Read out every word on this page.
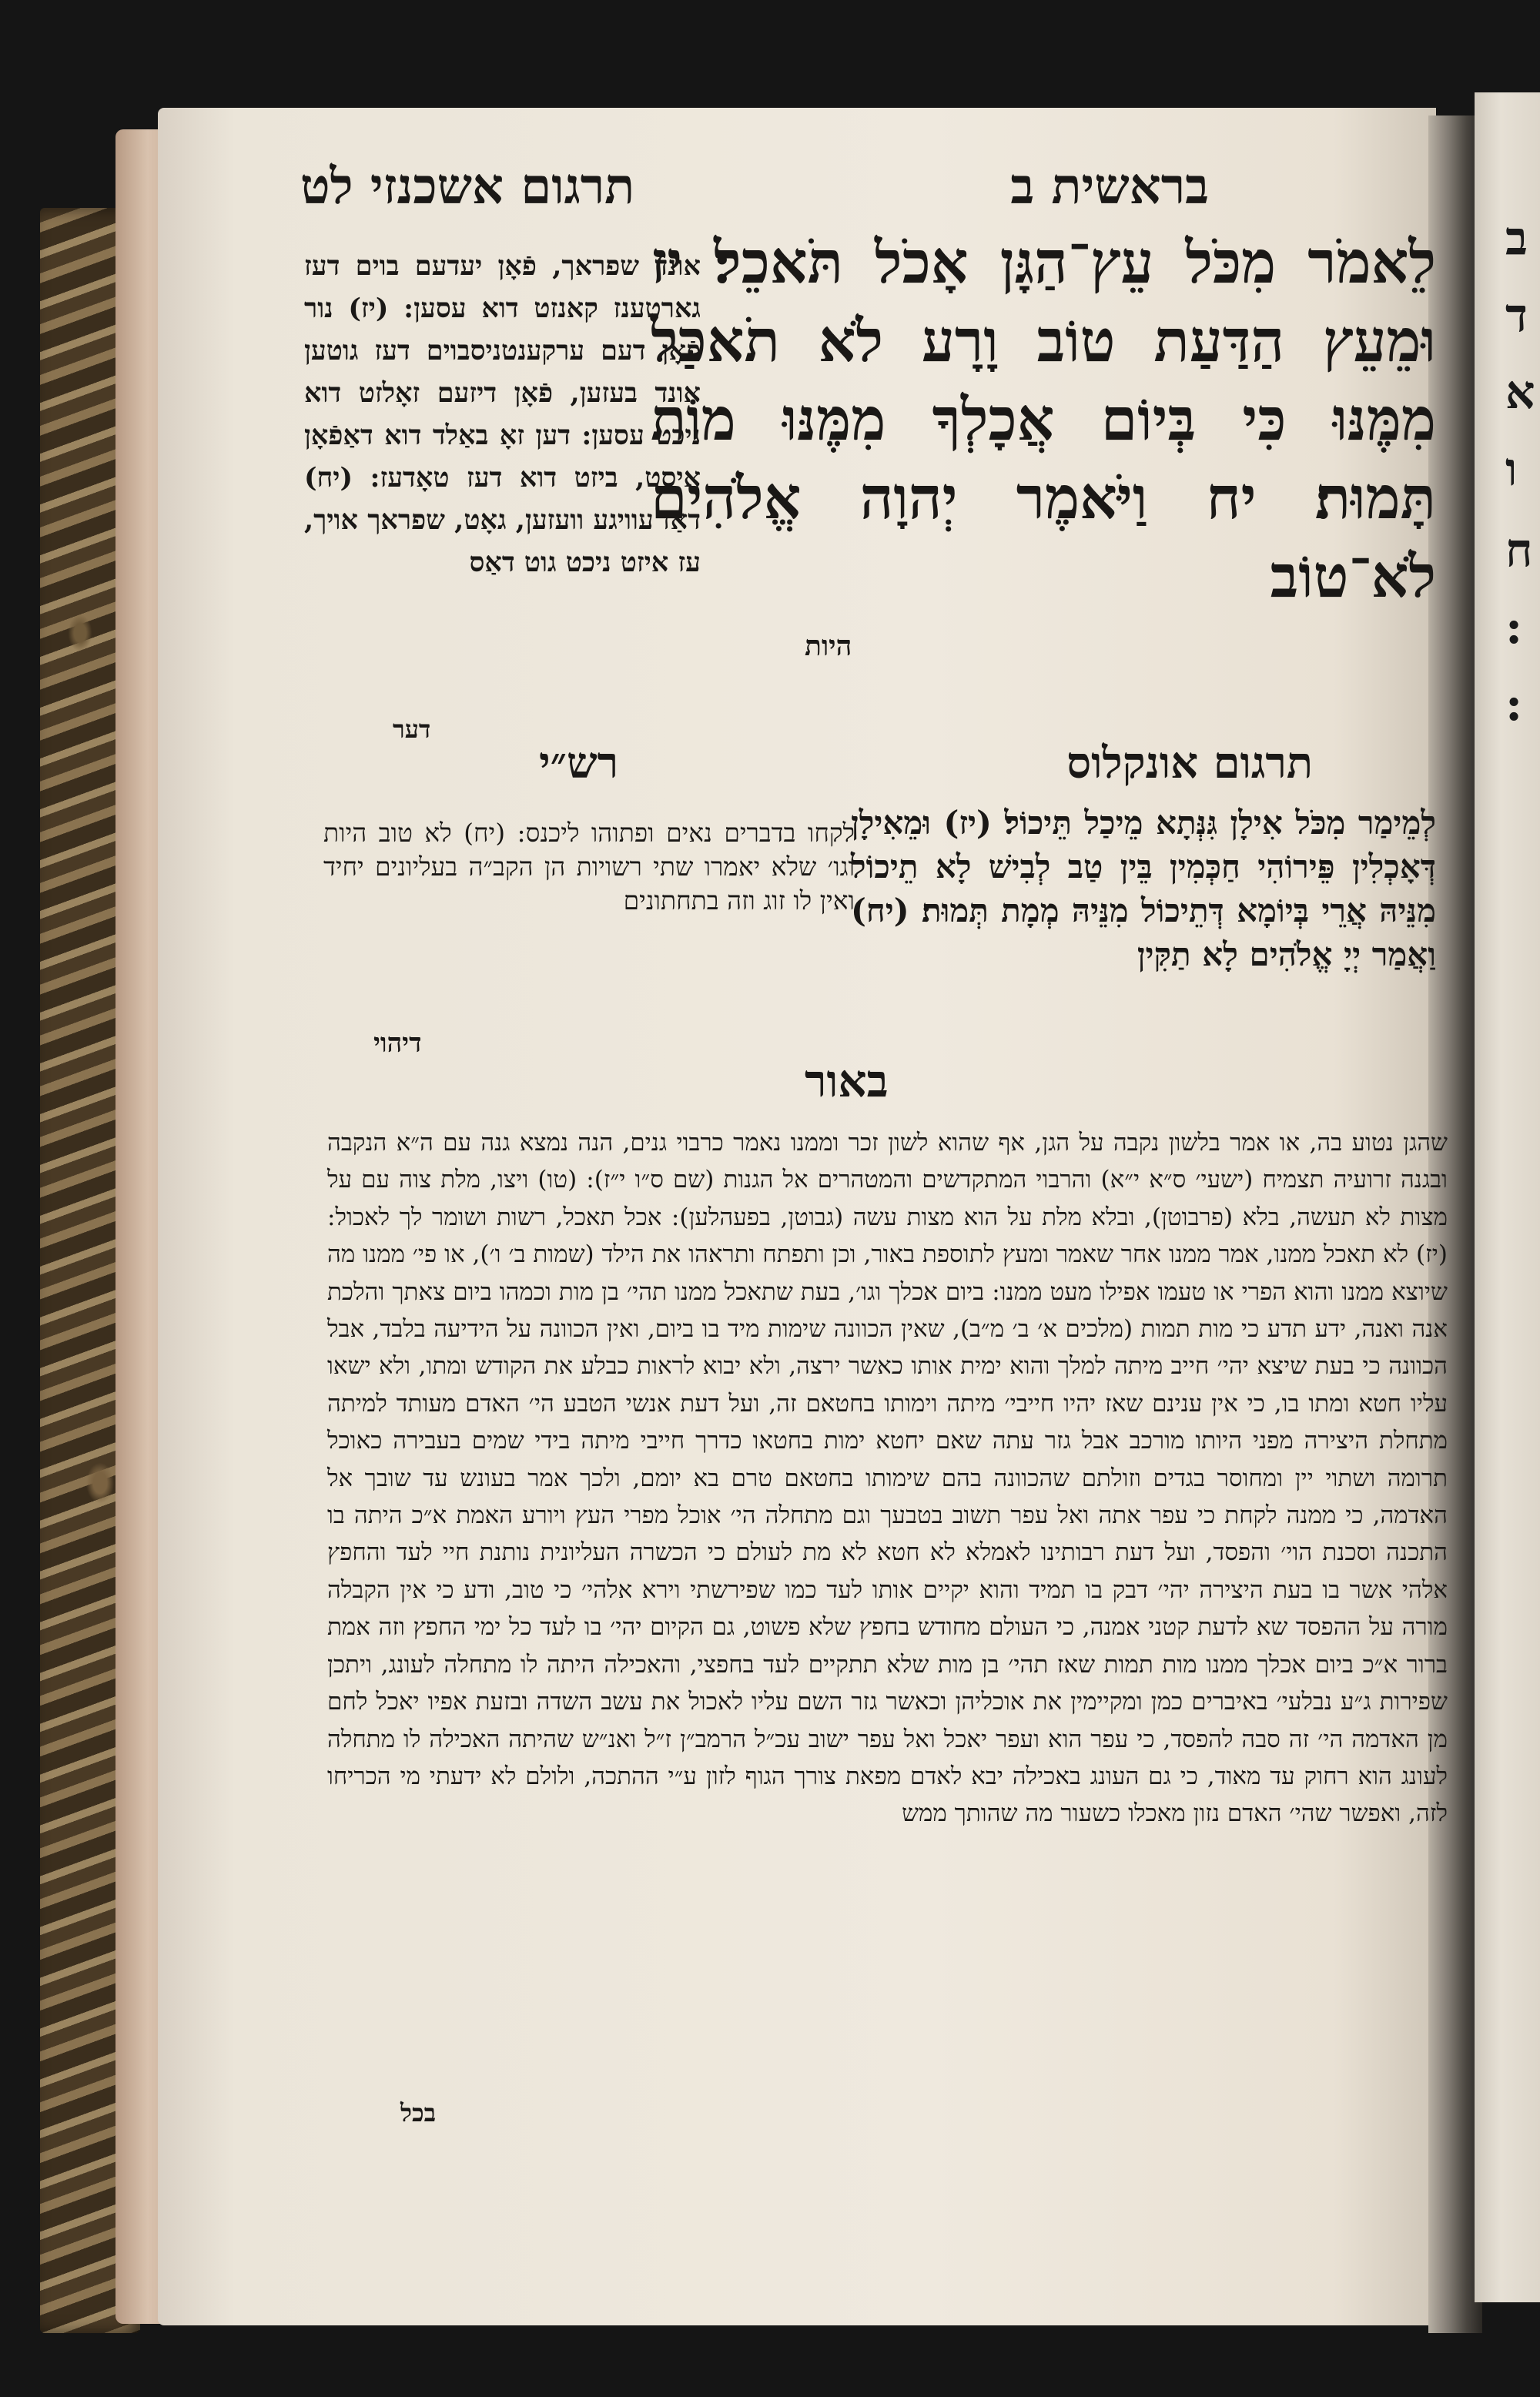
ב
ד
א
ו
ח
:
:
בראשית ב
תרגום אשכנזי לט
לֵאמֹר מִכֹּל עֵץ־הַגָּן אָכֹל תֹּאכֵל׃ יז וּמֵעֵץ הַדַּעַת טוֹב וָרָע לֹא תֹאכַל מִמֶּנּוּ כִּי בְּיוֹם אֲכָלְךָ מִמֶּנּוּ מוֹת תָּמוּת׃ יח וַיֹּאמֶר יְהוָה אֱלֹהִים לֹא־טוֹב
היות
אונד שפראך, פֿאָן יעדעם בוים דעז גארטענז קאנזט דוא עסען: (יז) נור פֿאָן דעם ערקענטניסבוים דעז גוטען אונד בעזען, פֿאָן דיזעם זאָלזט דוא ניכט עסען: דען זאָ באַלד דוא דאַפֿאָן איסט, ביזט דוא דעז טאָדעז: (יח) דאַז עוויגע וועזען, גאָט, שפראך אויך, עז איזט ניכט גוט דאַס
דער
תרגום אונקלוס
לְמֵימַר מִכֹּל אִילָן גִּנְּתָא מֵיכַל תֵּיכוֹל׃ (יז) וּמֵאִילָן דְּאָכְלִין פֵּירוֹהִי חַכְּמִין בֵּין טַב לְבִישׁ לָא תֵיכוֹל מִנֵּיהּ אֲרֵי בְּיוֹמָא דְּתֵיכוֹל מִנֵּיהּ מְמָת תְּמוּת׃ (יח) וַאֲמַר יְיָ אֱלֹהִים לָא תַקִּין
דיהוי
רש״י
לקחו בדברים נאים ופתוהו ליכנס: (יח) לא טוב היות וגו׳ שלא יאמרו שתי רשויות הן הקב״ה בעליונים יחיד ואין לו זוג וזה בתחתונים
באור
שהגן נטוע בה, או אמר בלשון נקבה על הגן, אף שהוא לשון זכר וממנו נאמר כרבוי גנים, הנה נמצא גנה עם ה״א הנקבה ובגנה זרועיה תצמיח (ישעי׳ ס״א י״א) והרבוי המתקדשים והמטהרים אל הגנות (שם ס״ו י״ז): (טו) ויצו, מלת צוה עם על מצות לא תעשה, בלא (פרבוטן), ובלא מלת על הוא מצות עשה (גבוטן, בפעהלען): אכל תאכל, רשות ושומר לך לאכול: (יז) לא תאכל ממנו, אמר ממנו אחר שאמר ומעץ לתוספת באור, וכן ותפתח ותראהו את הילד (שמות ב׳ ו׳), או פי׳ ממנו מה שיוצא ממנו והוא הפרי או טעמו אפילו מעט ממנו: ביום אכלך וגו׳, בעת שתאכל ממנו תהי׳ בן מות וכמהו ביום צאתך והלכת אנה ואנה, ידע תדע כי מות תמות (מלכים א׳ ב׳ מ״ב), שאין הכוונה שימות מיד בו ביום, ואין הכוונה על הידיעה בלבד, אבל הכוונה כי בעת שיצא יהי׳ חייב מיתה למלך והוא ימית אותו כאשר ירצה, ולא יבוא לראות כבלע את הקודש ומתו, ולא ישאו עליו חטא ומתו בו, כי אין ענינם שאז יהיו חייבי׳ מיתה וימותו בחטאם זה, ועל דעת אנשי הטבע הי׳ האדם מעותד למיתה מתחלת היצירה מפני היותו מורכב אבל גזר עתה שאם יחטא ימות בחטאו כדרך חייבי מיתה בידי שמים בעבירה כאוכל תרומה ושתוי יין ומחוסר בגדים וזולתם שהכוונה בהם שימותו בחטאם טרם בא יומם, ולכך אמר בעונש עד שובך אל האדמה, כי ממנה לקחת כי עפר אתה ואל עפר תשוב בטבעך וגם מתחלה הי׳ אוכל מפרי העץ ויורע האמת א״כ היתה בו התכנה וסכנת הוי׳ והפסד, ועל דעת רבותינו לאמלא לא חטא לא מת לעולם כי הכשרה העליונית נותנת חיי לעד והחפץ אלהי אשר בו בעת היצירה יהי׳ דבק בו תמיד והוא יקיים אותו לעד כמו שפירשתי וירא אלהי׳ כי טוב, ודע כי אין הקבלה מורה על ההפסד שא לדעת קטני אמנה, כי העולם מחודש בחפץ שלא פשוט, גם הקיום יהי׳ בו לעד כל ימי החפץ וזה אמת ברור א״כ ביום אכלך ממנו מות תמות שאז תהי׳ בן מות שלא תתקיים לעד בחפצי, והאכילה היתה לו מתחלה לעונג, ויתכן שפירות ג״ע נבלעי׳ באיברים כמן ומקיימין את אוכליהן וכאשר גזר השם עליו לאכול את עשב השדה ובזעת אפיו יאכל לחם מן האדמה הי׳ זה סבה להפסד, כי עפר הוא ועפר יאכל ואל עפר ישוב עכ״ל הרמב״ן ז״ל ואנ״ש שהיתה האכילה לו מתחלה לעונג הוא רחוק עד מאוד, כי גם העונג באכילה יבא לאדם מפאת צורך הגוף לזון ע״י ההתכה, ולולם לא ידעתי מי הכריחו לזה, ואפשר שהי׳ האדם נזון מאכלו כשעור מה שהותך ממש
בכל
